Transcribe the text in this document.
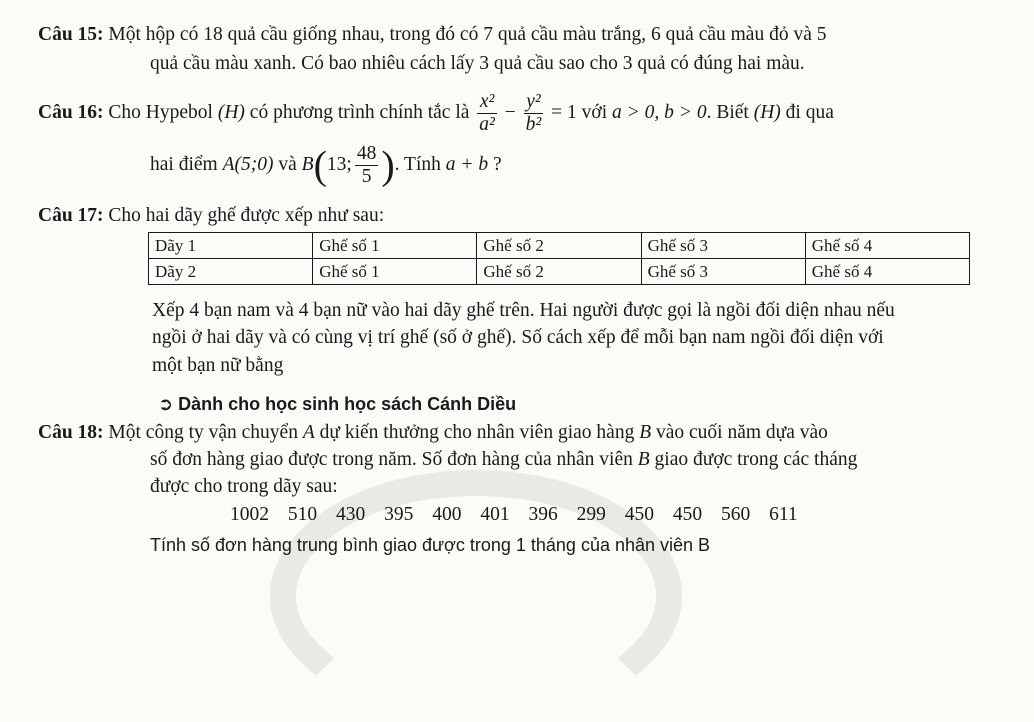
Câu 15: Một hộp có 18 quả cầu giống nhau, trong đó có 7 quả cầu màu trắng, 6 quả cầu màu đỏ và 5
quả cầu màu xanh. Có bao nhiêu cách lấy 3 quả cầu sao cho 3 quả có đúng hai màu.
Câu 16: Cho Hypebol (H) có phương trình chính tắc là $\frac{\text{x²}}{\text{a²}} - \frac{\text{y²}}{\text{b²}} = 1$ với a > 0, b > 0. Biết (H) đi qua
hai điểm A(5;0) và B(13; $\frac{48}{5}$ ). Tính a + b ?
Câu 17: Cho hai dãy ghế được xếp như sau:
Dãy 1	Ghế số 1	Ghế số 2	Ghế số 3	Ghế số 4
Dãy 2	Ghế số 1	Ghế số 2	Ghế số 3	Ghế số 4
Xếp 4 bạn nam và 4 bạn nữ vào hai dãy ghế trên. Hai người được gọi là ngồi đối diện nhau nếu
ngồi ở hai dãy và có cùng vị trí ghế (số ở ghế). Số cách xếp để mỗi bạn nam ngồi đối diện với
một bạn nữ bằng
➲ Dành cho học sinh học sách Cánh Diều
Câu 18: Một công ty vận chuyển A dự kiến thưởng cho nhân viên giao hàng B vào cuối năm dựa vào
số đơn hàng giao được trong năm. Số đơn hàng của nhân viên B giao được trong các tháng
được cho trong dãy sau:
1002 510 430 395 400 401 396 299 450 450 560 611
Tính số đơn hàng trung bình giao được trong 1 tháng của nhân viên B
